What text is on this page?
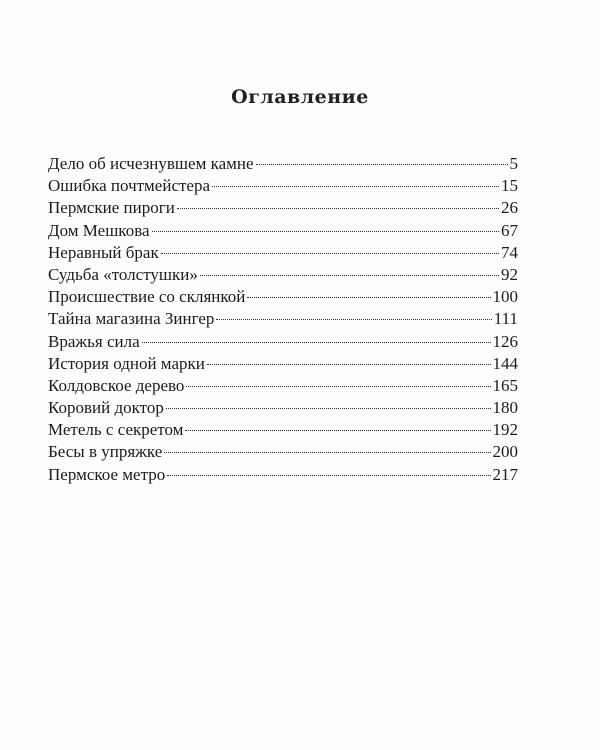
Оглавление
Дело об исчезнувшем камне	5
Ошибка почтмейстера	15
Пермские пироги	26
Дом Мешкова	67
Неравный брак	74
Судьба «толстушки»	92
Происшествие со склянкой	100
Тайна магазина Зингер	111
Вражья сила	126
История одной марки	144
Колдовское дерево	165
Коровий доктор	180
Метель с секретом	192
Бесы в упряжке	200
Пермское метро	217
